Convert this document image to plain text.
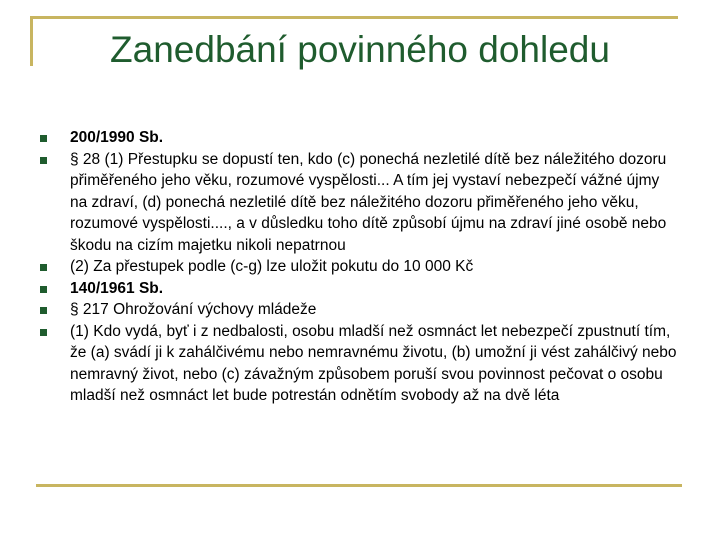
Zanedbání povinného dohledu
200/1990 Sb.
§ 28 (1) Přestupku se dopustí ten, kdo (c) ponechá nezletilé dítě bez náležitého dozoru přiměřeného jeho věku, rozumové vyspělosti... A tím jej vystaví nebezpečí vážné újmy na zdraví, (d) ponechá nezletilé dítě bez náležitého dozoru přiměřeného jeho věku, rozumové vyspělosti...., a v důsledku toho dítě způsobí újmu na zdraví jiné osobě nebo škodu na cizím majetku nikoli nepatrnou
(2) Za přestupek podle (c-g) lze uložit pokutu do 10 000 Kč
140/1961 Sb.
§ 217 Ohrožování výchovy mládeže
(1) Kdo vydá, byť i z nedbalosti, osobu mladší než osmnáct let nebezpečí zpustnutí tím, že (a) svádí ji k zahálčivému nebo nemravnému životu, (b) umožní ji vést zahálčivý nebo nemravný život, nebo (c) závažným způsobem poruší svou povinnost pečovat o osobu mladší než osmnáct let bude potrestán odnětím svobody až na dvě léta
